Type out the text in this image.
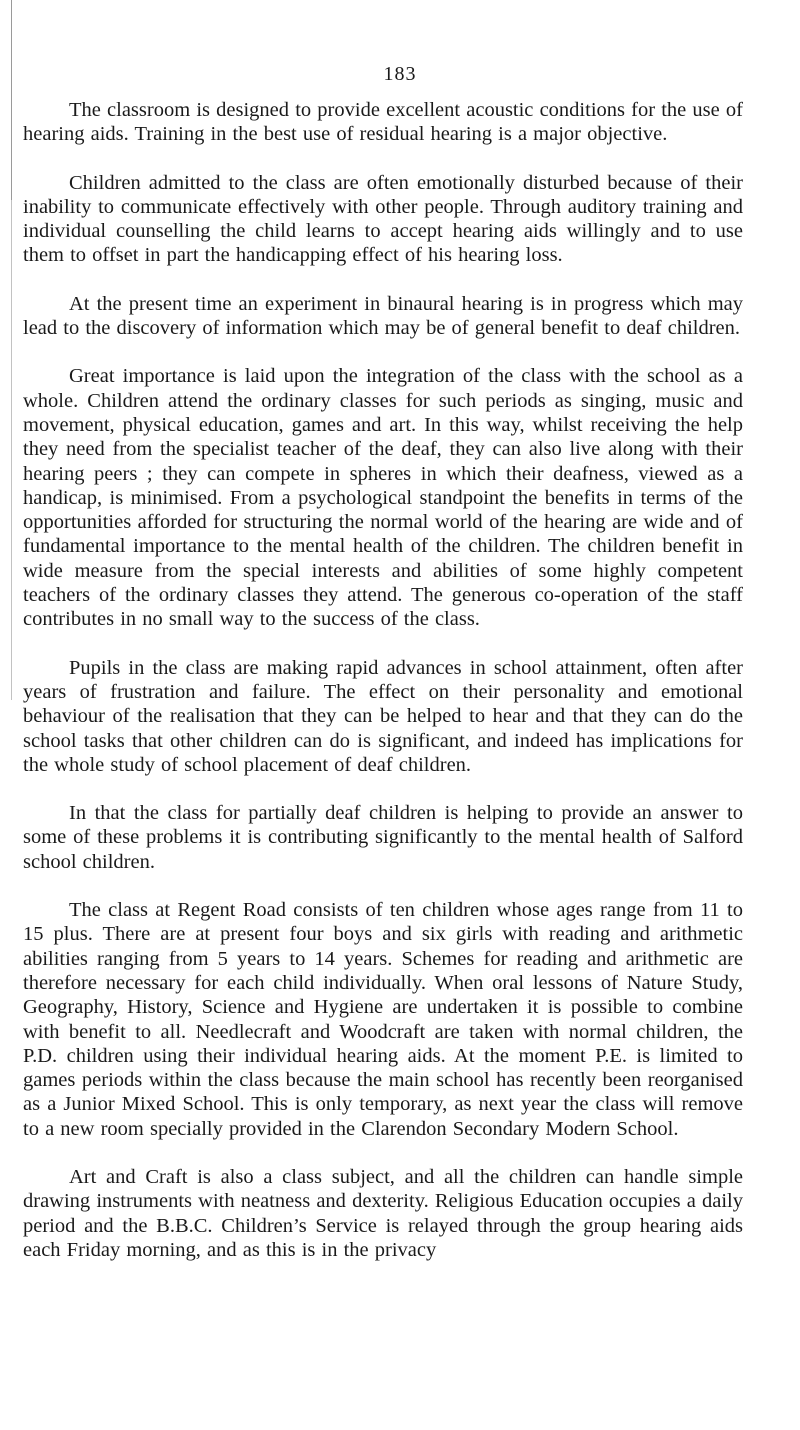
183

The classroom is designed to provide excellent acoustic conditions for the use of hearing aids. Training in the best use of residual hearing is a major objective.

Children admitted to the class are often emotionally disturbed because of their inability to communicate effectively with other people. Through auditory training and individual counselling the child learns to accept hearing aids willingly and to use them to offset in part the handicapping effect of his hearing loss.

At the present time an experiment in binaural hearing is in progress which may lead to the discovery of information which may be of general benefit to deaf children.

Great importance is laid upon the integration of the class with the school as a whole. Children attend the ordinary classes for such periods as singing, music and movement, physical education, games and art. In this way, whilst receiving the help they need from the specialist teacher of the deaf, they can also live along with their hearing peers ; they can compete in spheres in which their deafness, viewed as a handicap, is minimised. From a psychological standpoint the benefits in terms of the opportunities afforded for structuring the normal world of the hearing are wide and of fundamental importance to the mental health of the children. The children benefit in wide measure from the special interests and abilities of some highly competent teachers of the ordinary classes they attend. The generous co-operation of the staff contributes in no small way to the success of the class.

Pupils in the class are making rapid advances in school attainment, often after years of frustration and failure. The effect on their personality and emotional behaviour of the realisation that they can be helped to hear and that they can do the school tasks that other children can do is significant, and indeed has implications for the whole study of school placement of deaf children.

In that the class for partially deaf children is helping to provide an answer to some of these problems it is contributing significantly to the mental health of Salford school children.

The class at Regent Road consists of ten children whose ages range from 11 to 15 plus. There are at present four boys and six girls with reading and arithmetic abilities ranging from 5 years to 14 years. Schemes for reading and arithmetic are therefore necessary for each child individually. When oral lessons of Nature Study, Geography, History, Science and Hygiene are undertaken it is possible to combine with benefit to all. Needlecraft and Woodcraft are taken with normal children, the P.D. children using their individual hearing aids. At the moment P.E. is limited to games periods within the class because the main school has recently been reorganised as a Junior Mixed School. This is only temporary, as next year the class will remove to a new room specially provided in the Clarendon Secondary Modern School.

Art and Craft is also a class subject, and all the children can handle simple drawing instruments with neatness and dexterity. Religious Education occupies a daily period and the B.B.C. Children’s Service is relayed through the group hearing aids each Friday morning, and as this is in the privacy
